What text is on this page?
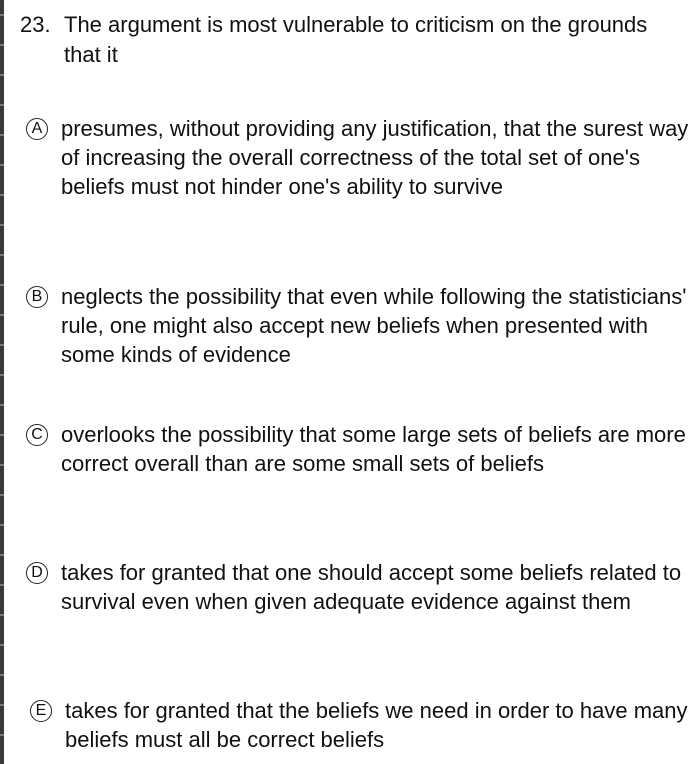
23. The argument is most vulnerable to criticism on the grounds that it
A presumes, without providing any justification, that the surest way of increasing the overall correctness of the total set of one's beliefs must not hinder one's ability to survive
B neglects the possibility that even while following the statisticians' rule, one might also accept new beliefs when presented with some kinds of evidence
C overlooks the possibility that some large sets of beliefs are more correct overall than are some small sets of beliefs
D takes for granted that one should accept some beliefs related to survival even when given adequate evidence against them
E takes for granted that the beliefs we need in order to have many beliefs must all be correct beliefs
